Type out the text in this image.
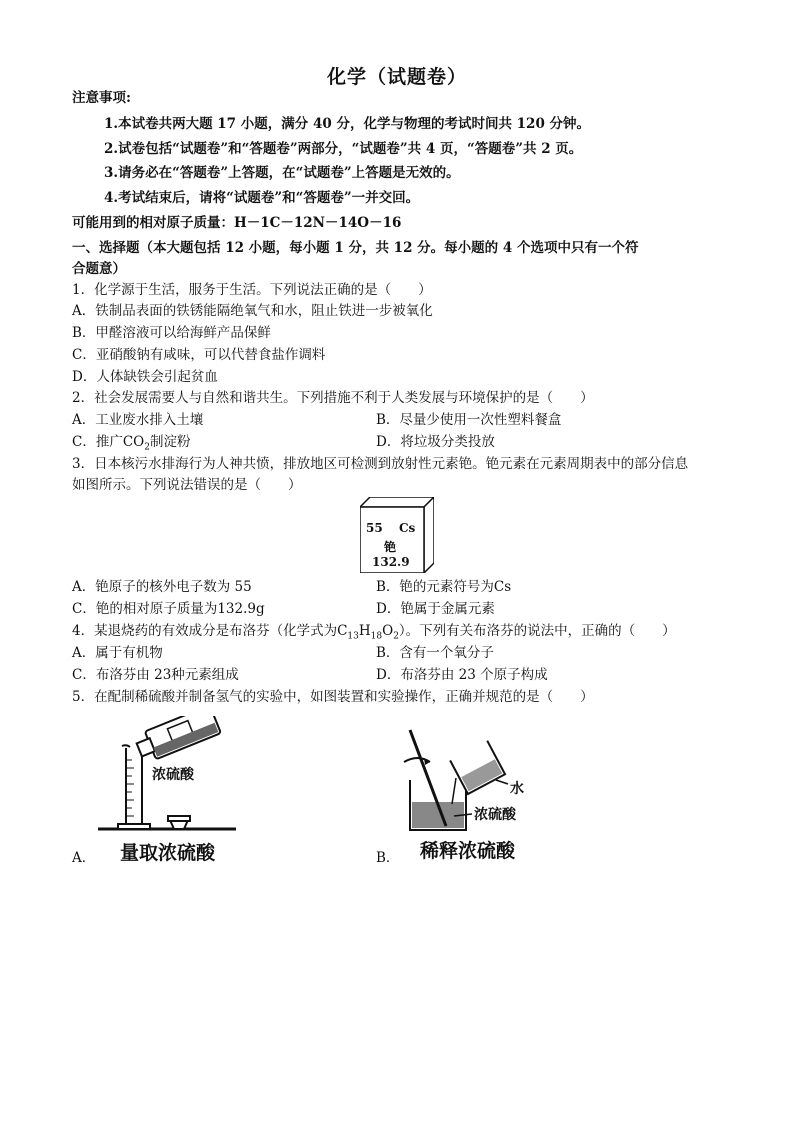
化学（试题卷）
注意事项:
1.本试卷共两大题 17 小题，满分 40 分，化学与物理的考试时间共 120 分钟。
2.试卷包括“试题卷”和“答题卷”两部分，“试题卷”共 4 页，“答题卷”共 2 页。
3.请务必在“答题卷”上答题，在“试题卷”上答题是无效的。
4.考试结束后，请将“试题卷”和“答题卷”一并交回。
可能用到的相对原子质量：H－1C－12N－14O－16
一、选择题（本大题包括 12 小题，每小题 1 分，共 12 分。每小题的 4 个选项中只有一个符
合题意）
1．化学源于生活，服务于生活。下列说法正确的是（　　）
A．铁制品表面的铁锈能隔绝氧气和水，阻止铁进一步被氧化
B．甲醛溶液可以给海鲜产品保鲜
C．亚硝酸钠有咸味，可以代替食盐作调料
D．人体缺铁会引起贫血
2．社会发展需要人与自然和谐共生。下列措施不利于人类发展与环境保护的是（　　）
A．工业废水排入土壤	B．尽量少使用一次性塑料餐盒
C．推广$CO_2$制淀粉	D．将垃圾分类投放
3．日本核污水排海行为人神共愤，排放地区可检测到放射性元素铯。铯元素在元素周期表中的部分信息
如图所示。下列说法错误的是（　　）
55 Cs
铯
132.9
A．铯原子的核外电子数为 55	B．铯的元素符号为Cs
C．铯的相对原子质量为132.9g	D．铯属于金属元素
4．某退烧药的有效成分是布洛芬（化学式为$C_{13}H_{18}O_2$）。下列有关布洛芬的说法中，正确的（　　）
A．属于有机物	B．含有一个氧分子
C．布洛芬由 23种元素组成	D．布洛芬由 23 个原子构成
5．在配制稀硫酸并制备氢气的实验中，如图装置和实验操作，正确并规范的是（　　）
浓硫酸
A． 量取浓硫酸
水
浓硫酸
B． 稀释浓硫酸
